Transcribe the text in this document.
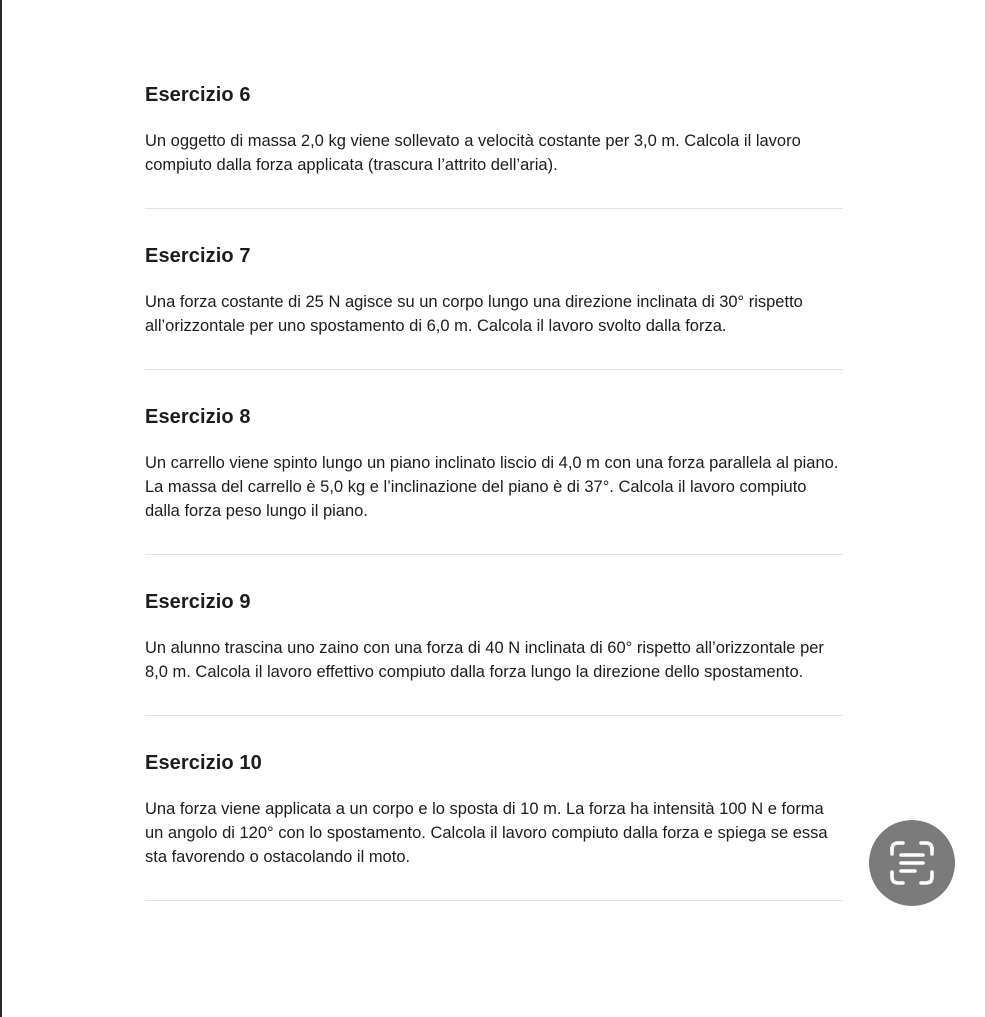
Esercizio 6

Un oggetto di massa 2,0 kg viene sollevato a velocità costante per 3,0 m. Calcola il lavoro compiuto dalla forza applicata (trascura l’attrito dell’aria).

Esercizio 7

Una forza costante di 25 N agisce su un corpo lungo una direzione inclinata di 30° rispetto all’orizzontale per uno spostamento di 6,0 m. Calcola il lavoro svolto dalla forza.

Esercizio 8

Un carrello viene spinto lungo un piano inclinato liscio di 4,0 m con una forza parallela al piano. La massa del carrello è 5,0 kg e l’inclinazione del piano è di 37°. Calcola il lavoro compiuto dalla forza peso lungo il piano.

Esercizio 9

Un alunno trascina uno zaino con una forza di 40 N inclinata di 60° rispetto all’orizzontale per 8,0 m. Calcola il lavoro effettivo compiuto dalla forza lungo la direzione dello spostamento.

Esercizio 10

Una forza viene applicata a un corpo e lo sposta di 10 m. La forza ha intensità 100 N e forma un angolo di 120° con lo spostamento. Calcola il lavoro compiuto dalla forza e spiega se essa sta favorendo o ostacolando il moto.
